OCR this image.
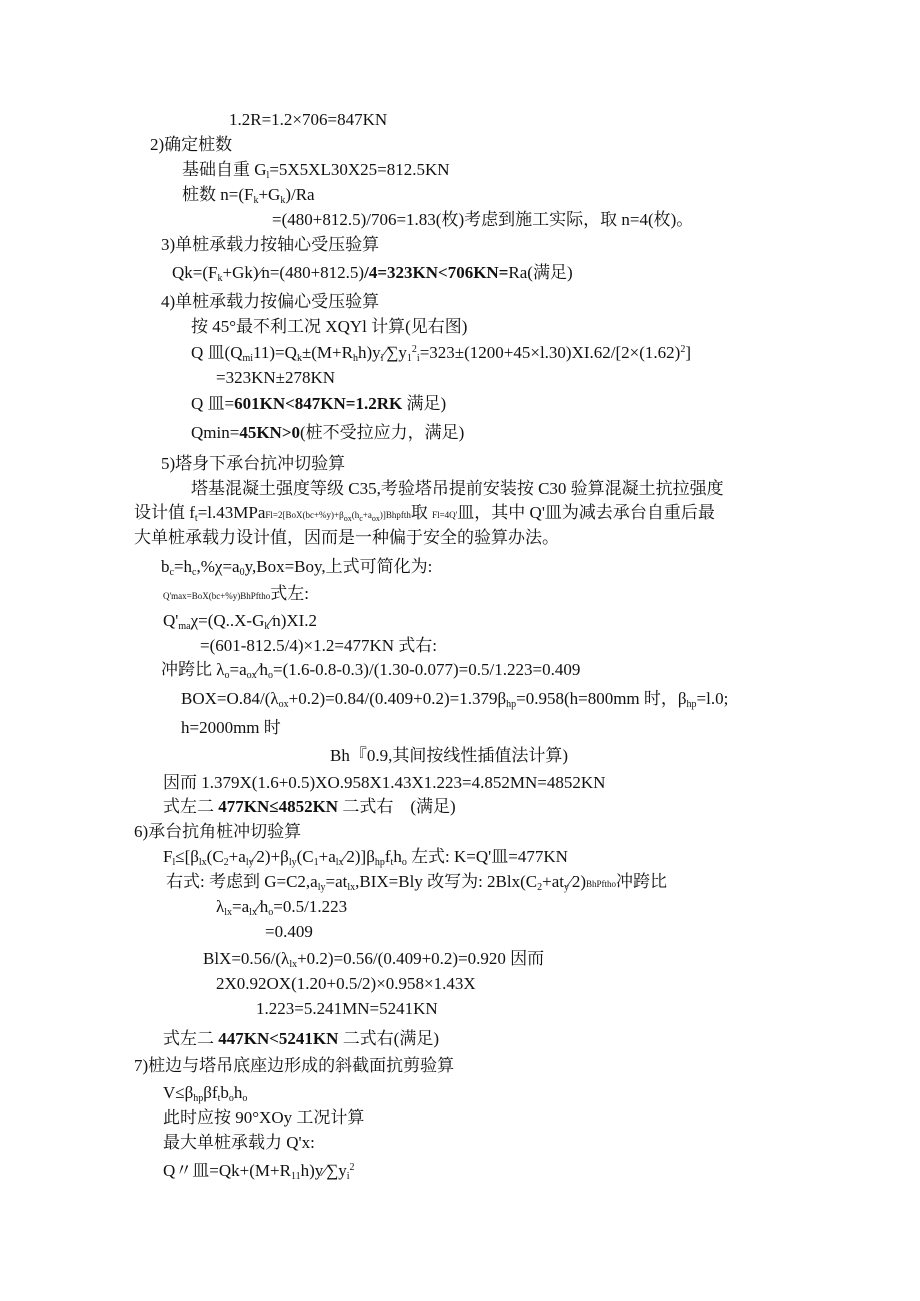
1.2R=1.2×706=847KN
2)确定桩数
基础自重 $G_l=5X5XL30X25=812.5KN$
桩数 $n=(F_k+G_k)/Ra$
=(480+812.5)/706=1.83(枚)考虑到施工实际，取 n=4(枚)。
3)单桩承载力按轴心受压验算
$Qk=(F_k+Gk)⁄n=(480+812.5)/4=323KN<706KN=Ra$(满足)
4)单桩承载力按偏心受压验算
按 45°最不利工况 XQYl 计算(见右图)
Q 皿$(Q_{mi}11)=Q_k\pm(M+R_hh)y_i⁄\sum y_1^2_i=323\pm(1200+45\times l.30)XI.62/[2\times(1.62)^2]$
=323KN±278KN
Q 皿=601KN<847KN=1.2RK 满足)
Qmin=45KN>0(桩不受拉应力，满足)
5)塔身下承台抗冲切验算
塔基混凝土强度等级 C35,考验塔吊提前安装按 C30 验算混凝土抗拉强度
设计值 $f_t=l.43MPaFl=2[BoX(bc+\%y)+\beta_{ox}(h_c+a_{ox})]Bhpfth$取 Fl=4Q'皿，其中 Q'皿为减去承台自重后最
大单桩承载力设计值，因而是一种偏于安全的验算办法。
$b_c=h_c,\%\chi=a_0y,Box=Boy$,上式可简化为:
Q'max=BoX(bc+%y)BhPftho式左:
$Q'_{ma}\chi=(Q..X-G_k⁄n)XI.2$
=(601-812.5/4)×1.2=477KN 式右:
冲跨比 $\lambda_o=a_{ox}⁄h_o=(1.6-0.8-0.3)/(1.30-0.077)=0.5/1.223=0.409$
$BOX=O.84/(\lambda_{ox}+0.2)=0.84/(0.409+0.2)=1.379\beta_{hp}=0.958(h=800mm$ 时，$\beta_{hp}=l.0$;
h=2000mm 时
Bh『0.9,其间按线性插值法计算)
因而 1.379X(1.6+0.5)XO.958X1.43X1.223=4.852MN=4852KN
式左二 477KN≤4852KN 二式右　(满足)
6)承台抗角桩冲切验算
$F_l\le[\beta_{lx}(C_2+a_{ly}⁄2)+\beta_{ly}(C_1+a_{lx}⁄2)]\beta_{hp}f_th_o$ 左式: K=Q'皿=477KN
右式: 考虑到 $G=C2,a_{ly}=at_{lx},BIX=Bly$ 改写为: $2Blx(C_2+at_y⁄2)BhPftho$冲跨比
$\lambda_{lx}=a_{lx}⁄h_o=0.5/1.223$
=0.409
$BlX=0.56/(\lambda_{lx}+0.2)=0.56/(0.409+0.2)=0.920$ 因而
2X0.92OX(1.20+0.5/2)×0.958×1.43X
1.223=5.241MN=5241KN
式左二 447KN<5241KN 二式右(满足)
7)桩边与塔吊底座边形成的斜截面抗剪验算
$V\le\beta_{hp}\beta f_tb_oh_o$
此时应按 90°XOy 工况计算
最大单桩承载力 Q'x:
Q〃皿$=Qk+(M+R_{11}h)y⁄\sum y_i^2$
